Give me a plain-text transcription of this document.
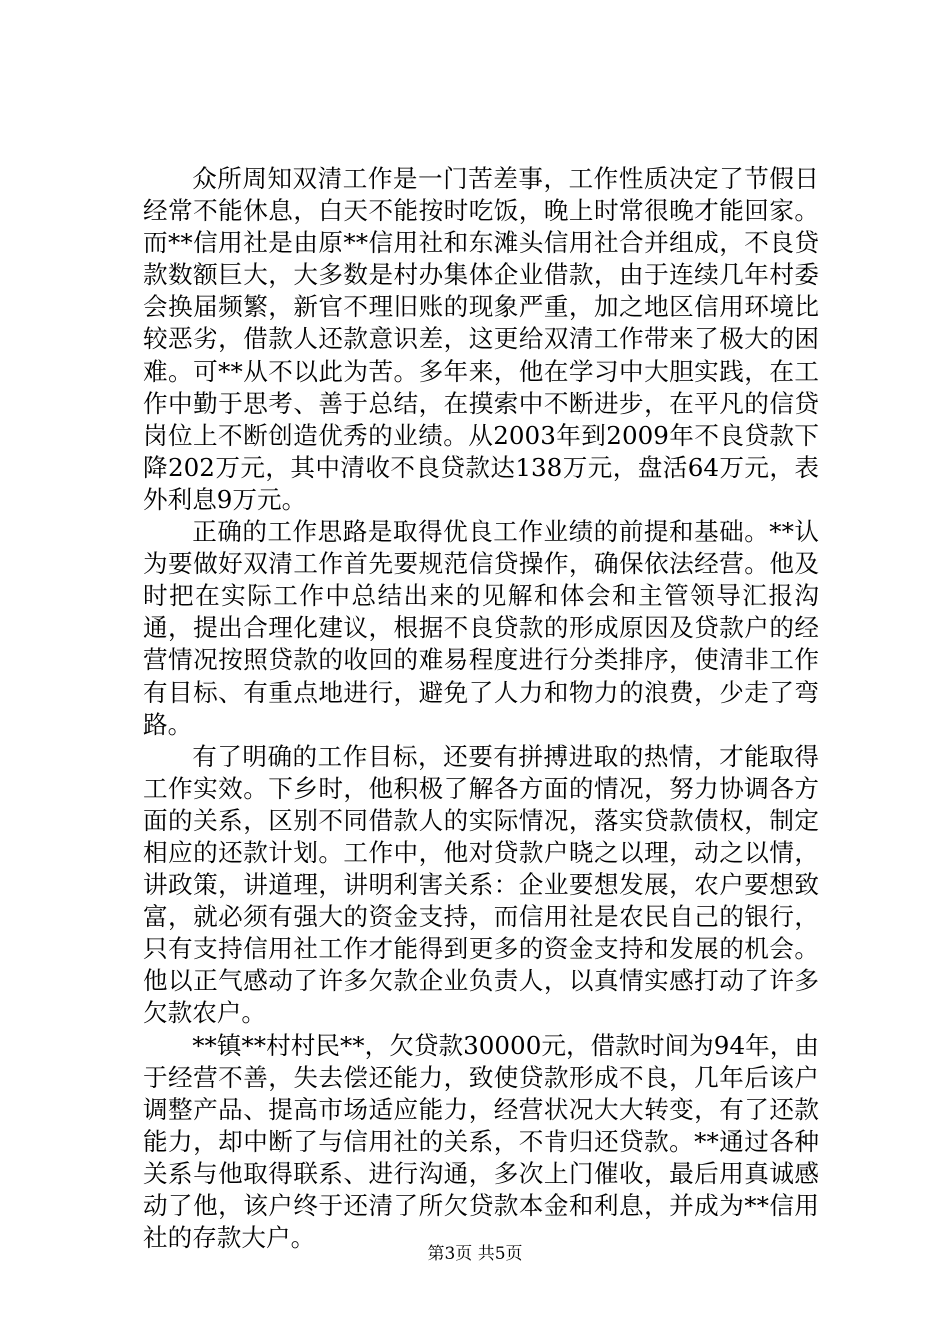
众所周知双清工作是一门苦差事，工作性质决定了节假日经常不能休息，白天不能按时吃饭，晚上时常很晚才能回家。而**信用社是由原**信用社和东滩头信用社合并组成，不良贷款数额巨大，大多数是村办集体企业借款，由于连续几年村委会换届频繁，新官不理旧账的现象严重，加之地区信用环境比较恶劣，借款人还款意识差，这更给双清工作带来了极大的困难。可**从不以此为苦。多年来，他在学习中大胆实践，在工作中勤于思考、善于总结，在摸索中不断进步，在平凡的信贷岗位上不断创造优秀的业绩。从2003年到2009年不良贷款下降202万元，其中清收不良贷款达138万元，盘活64万元，表外利息9万元。

正确的工作思路是取得优良工作业绩的前提和基础。**认为要做好双清工作首先要规范信贷操作，确保依法经营。他及时把在实际工作中总结出来的见解和体会和主管领导汇报沟通，提出合理化建议，根据不良贷款的形成原因及贷款户的经营情况按照贷款的收回的难易程度进行分类排序，使清非工作有目标、有重点地进行，避免了人力和物力的浪费，少走了弯路。

有了明确的工作目标，还要有拼搏进取的热情，才能取得工作实效。下乡时，他积极了解各方面的情况，努力协调各方面的关系，区别不同借款人的实际情况，落实贷款债权，制定相应的还款计划。工作中，他对贷款户晓之以理，动之以情，讲政策，讲道理，讲明利害关系：企业要想发展，农户要想致富，就必须有强大的资金支持，而信用社是农民自己的银行，只有支持信用社工作才能得到更多的资金支持和发展的机会。他以正气感动了许多欠款企业负责人，以真情实感打动了许多欠款农户。

**镇**村村民**，欠贷款30000元，借款时间为94年，由于经营不善，失去偿还能力，致使贷款形成不良，几年后该户调整产品、提高市场适应能力，经营状况大大转变，有了还款能力，却中断了与信用社的关系，不肯归还贷款。**通过各种关系与他取得联系、进行沟通，多次上门催收，最后用真诚感动了他，该户终于还清了所欠贷款本金和利息，并成为**信用社的存款大户。

第3页 共5页
